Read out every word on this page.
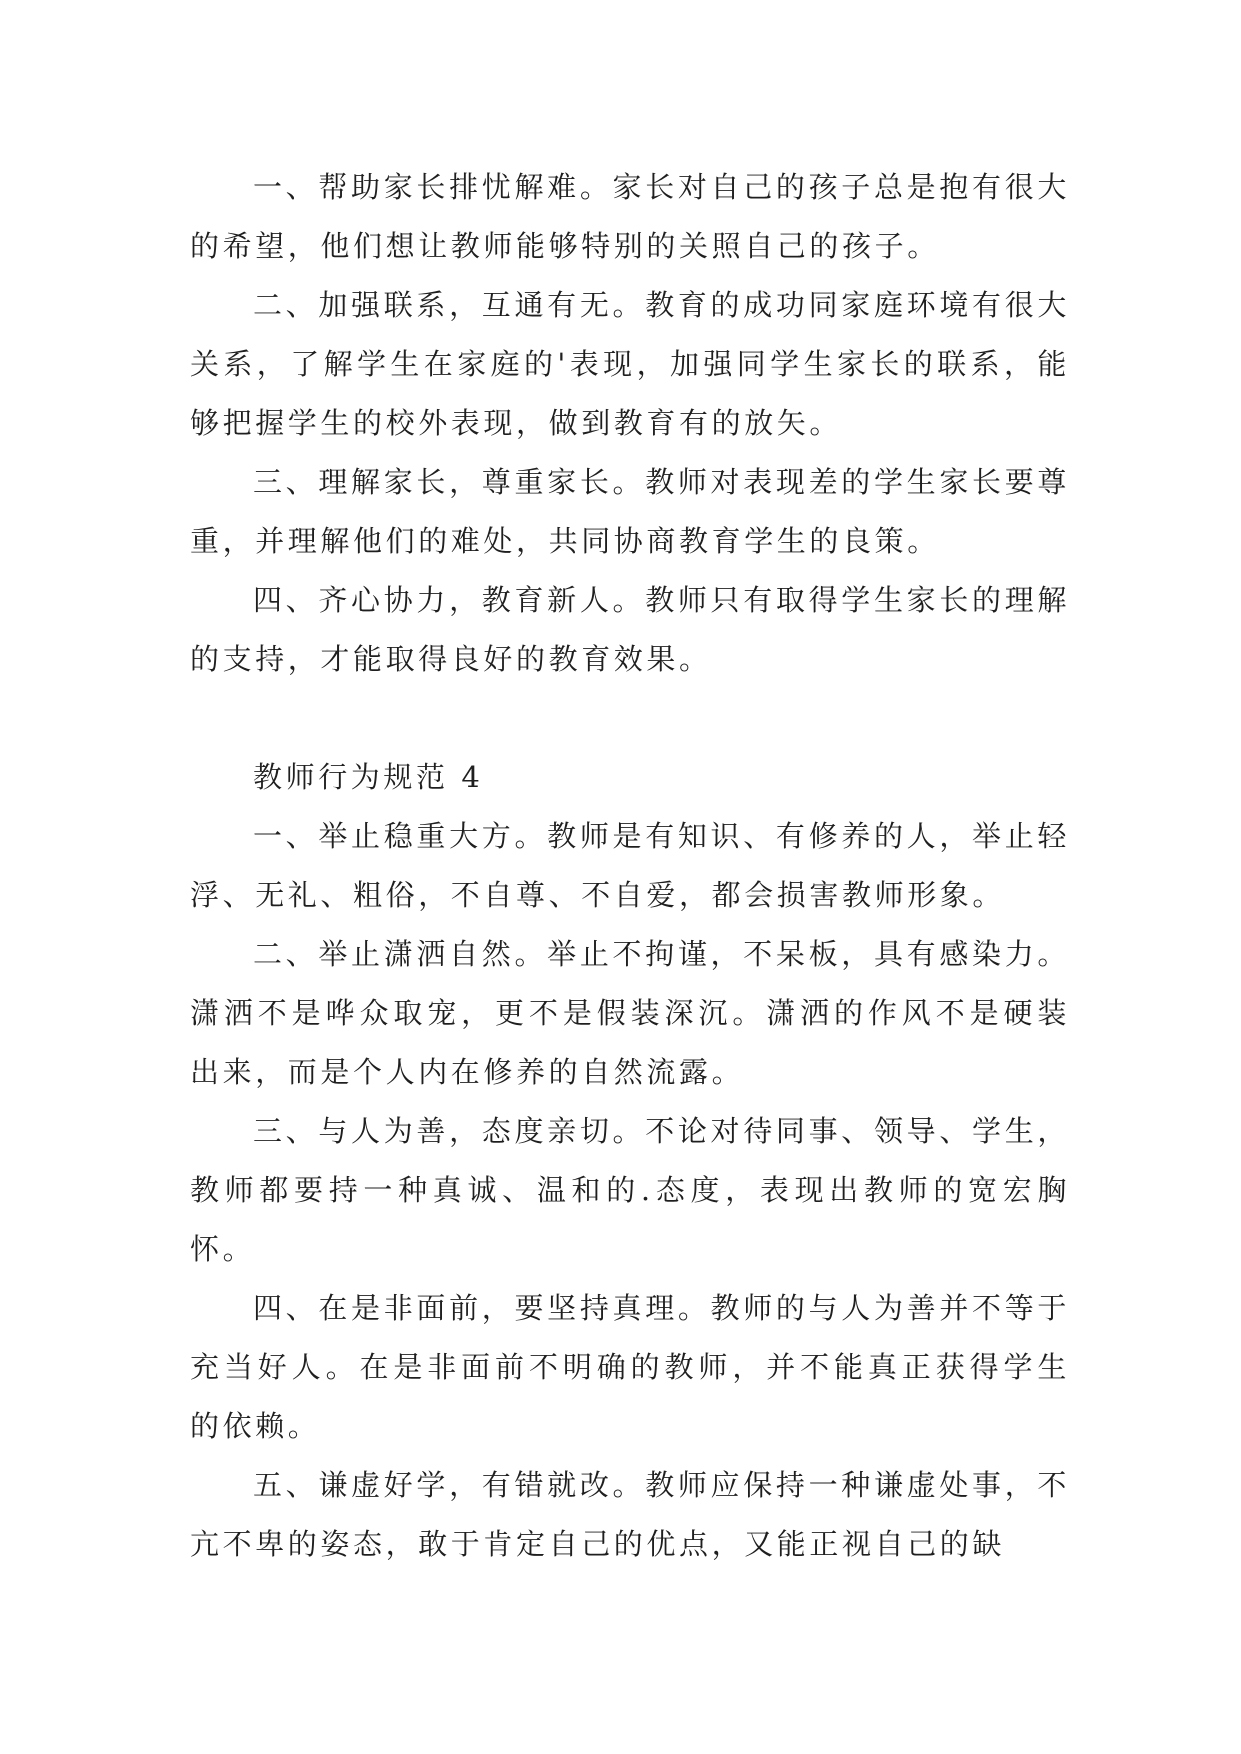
一、帮助家长排忧解难。家长对自己的孩子总是抱有很大的希望，他们想让教师能够特别的关照自己的孩子。

二、加强联系，互通有无。教育的成功同家庭环境有很大关系，了解学生在家庭的'表现，加强同学生家长的联系，能够把握学生的校外表现，做到教育有的放矢。

三、理解家长，尊重家长。教师对表现差的学生家长要尊重，并理解他们的难处，共同协商教育学生的良策。

四、齐心协力，教育新人。教师只有取得学生家长的理解的支持，才能取得良好的教育效果。

教师行为规范 4

一、举止稳重大方。教师是有知识、有修养的人，举止轻浮、无礼、粗俗，不自尊、不自爱，都会损害教师形象。

二、举止潇洒自然。举止不拘谨，不呆板，具有感染力。潇洒不是哗众取宠，更不是假装深沉。潇洒的作风不是硬装出来，而是个人内在修养的自然流露。

三、与人为善，态度亲切。不论对待同事、领导、学生，教师都要持一种真诚、温和的.态度，表现出教师的宽宏胸怀。

四、在是非面前，要坚持真理。教师的与人为善并不等于充当好人。在是非面前不明确的教师，并不能真正获得学生的依赖。

五、谦虚好学，有错就改。教师应保持一种谦虚处事，不亢不卑的姿态，敢于肯定自己的优点，又能正视自己的缺
